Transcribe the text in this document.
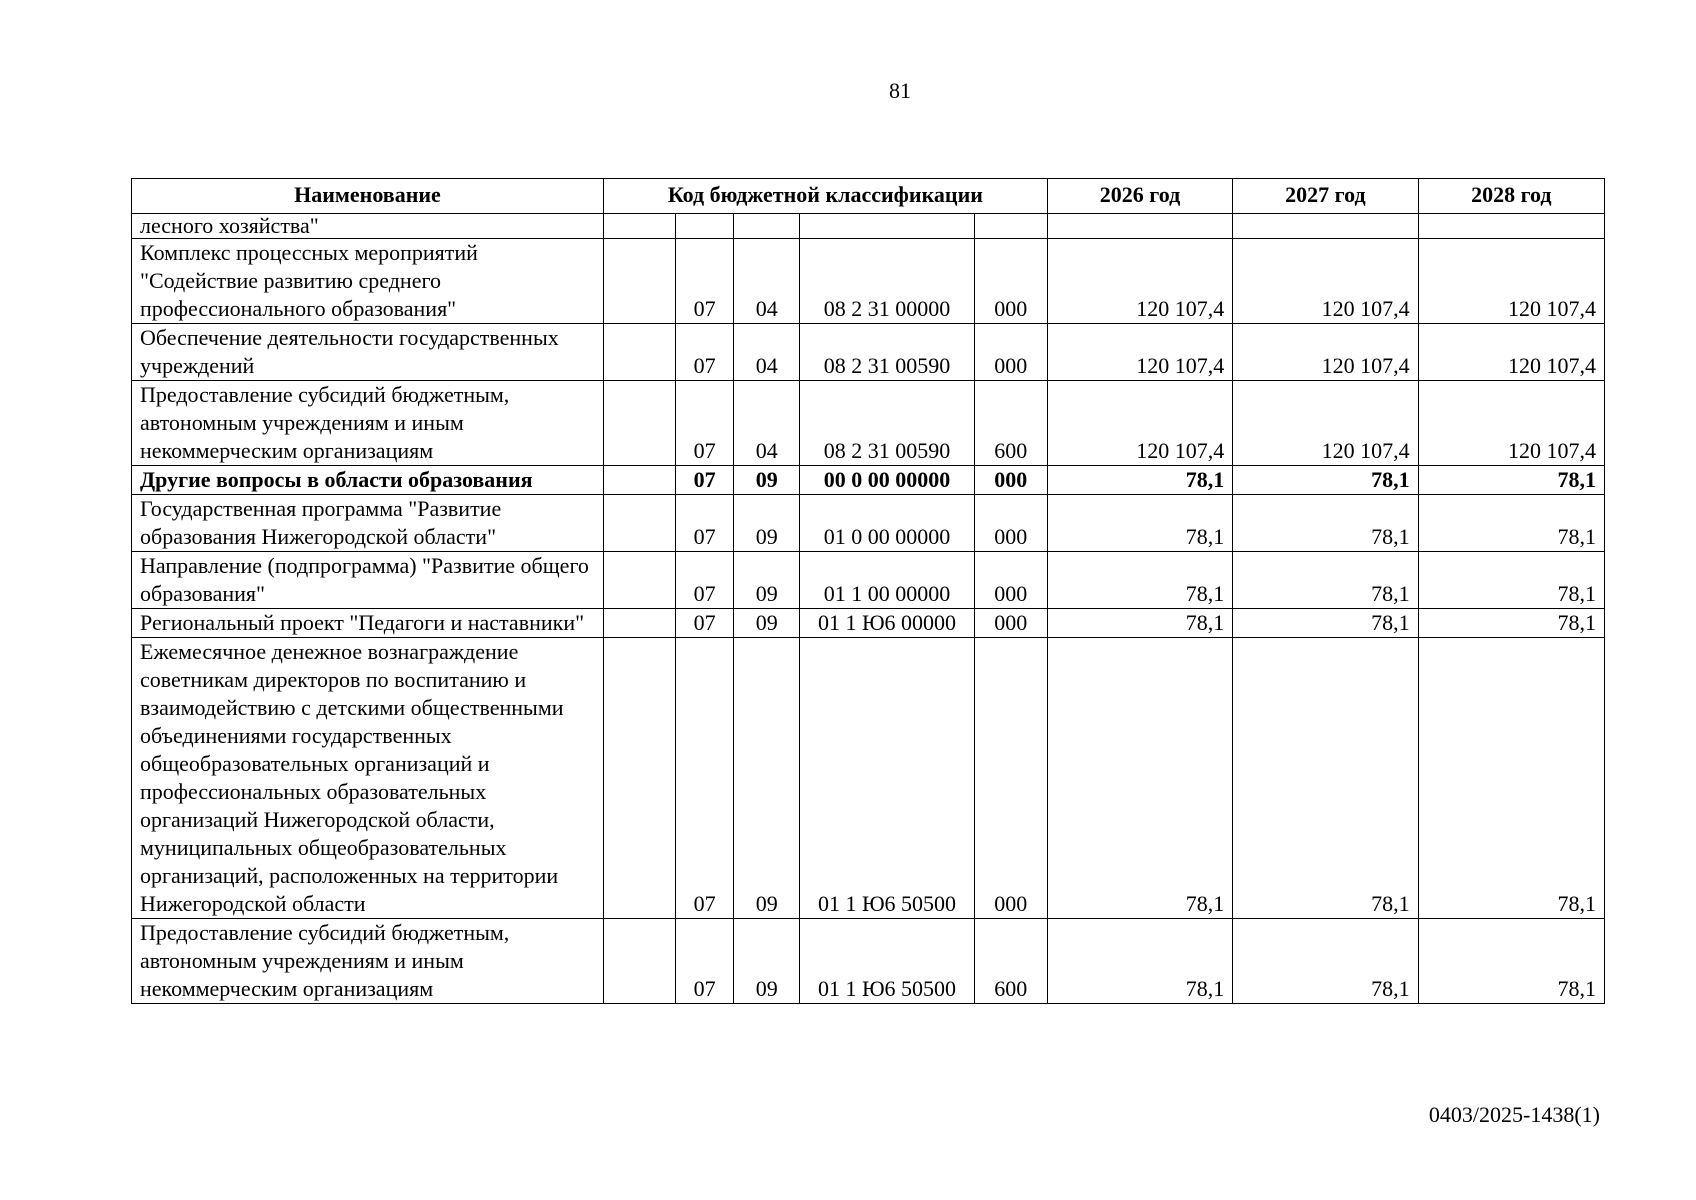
81
Наименование	Код бюджетной классификации					2026 год	2027 год	2028 год
лесного хозяйства"								
Комплекс процессных мероприятий "Содействие развитию среднего профессионального образования"		07	04	08 2 31 00000	000	120 107,4	120 107,4	120 107,4
Обеспечение деятельности государственных учреждений		07	04	08 2 31 00590	000	120 107,4	120 107,4	120 107,4
Предоставление субсидий бюджетным, автономным учреждениям и иным некоммерческим организациям		07	04	08 2 31 00590	600	120 107,4	120 107,4	120 107,4
Другие вопросы в области образования		07	09	00 0 00 00000	000	78,1	78,1	78,1
Государственная программа "Развитие образования Нижегородской области"		07	09	01 0 00 00000	000	78,1	78,1	78,1
Направление (подпрограмма) "Развитие общего образования"		07	09	01 1 00 00000	000	78,1	78,1	78,1
Региональный проект "Педагоги и наставники"		07	09	01 1 Ю6 00000	000	78,1	78,1	78,1
Ежемесячное денежное вознаграждение советникам директоров по воспитанию и взаимодействию с детскими общественными объединениями государственных общеобразовательных организаций и профессиональных образовательных организаций Нижегородской области, муниципальных общеобразовательных организаций, расположенных на территории Нижегородской области		07	09	01 1 Ю6 50500	000	78,1	78,1	78,1
Предоставление субсидий бюджетным, автономным учреждениям и иным некоммерческим организациям		07	09	01 1 Ю6 50500	600	78,1	78,1	78,1
0403/2025-1438(1)
